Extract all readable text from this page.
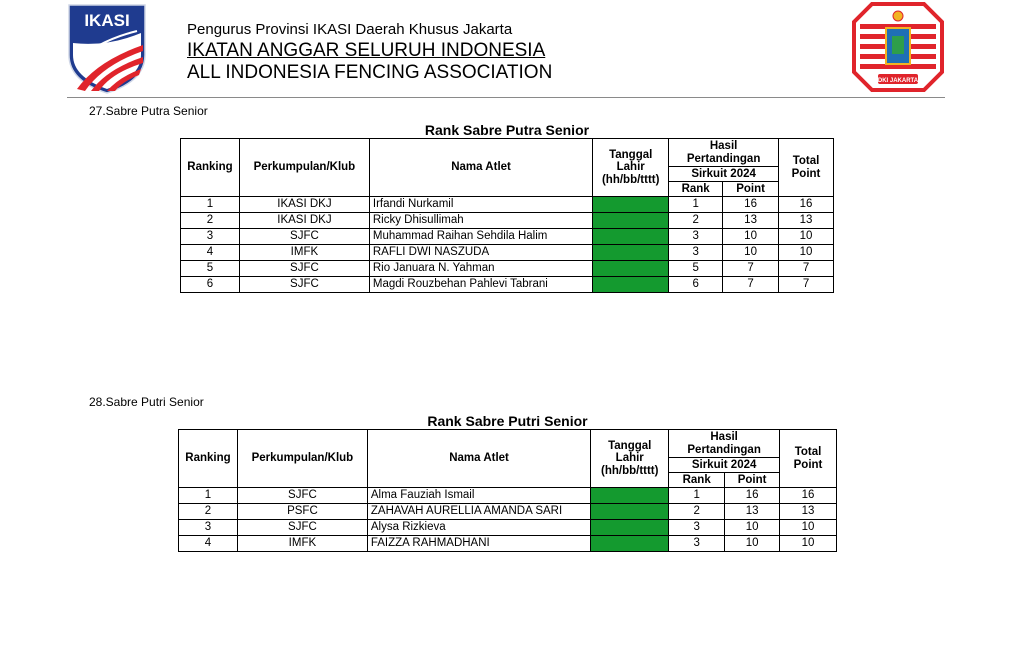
IKASI
DKI JAKARTA
Pengurus Provinsi IKASI Daerah Khusus Jakarta
IKATAN ANGGAR SELURUH INDONESIA
ALL INDONESIA FENCING ASSOCIATION
27.Sabre Putra Senior
Rank Sabre Putra Senior
Ranking	Perkumpulan/Klub	Nama Atlet	Tanggal Lahir (hh/bb/tttt)	Hasil Pertandingan		Total Point
				Sirkuit 2024		
				Rank	Point	
1	IKASI DKJ	Irfandi Nurkamil		1	16	16
2	IKASI DKJ	Ricky Dhisullimah		2	13	13
3	SJFC	Muhammad Raihan Sehdila Halim		3	10	10
4	IMFK	RAFLI DWI NASZUDA		3	10	10
5	SJFC	Rio Januara N. Yahman		5	7	7
6	SJFC	Magdi Rouzbehan Pahlevi Tabrani		6	7	7
28.Sabre Putri Senior
Rank Sabre Putri Senior
Ranking	Perkumpulan/Klub	Nama Atlet	Tanggal Lahir (hh/bb/tttt)	Hasil Pertandingan		Total Point
				Sirkuit 2024		
				Rank	Point	
1	SJFC	Alma Fauziah Ismail		1	16	16
2	PSFC	ZAHAVAH AURELLIA AMANDA SARI		2	13	13
3	SJFC	Alysa Rizkieva		3	10	10
4	IMFK	FAIZZA RAHMADHANI		3	10	10
